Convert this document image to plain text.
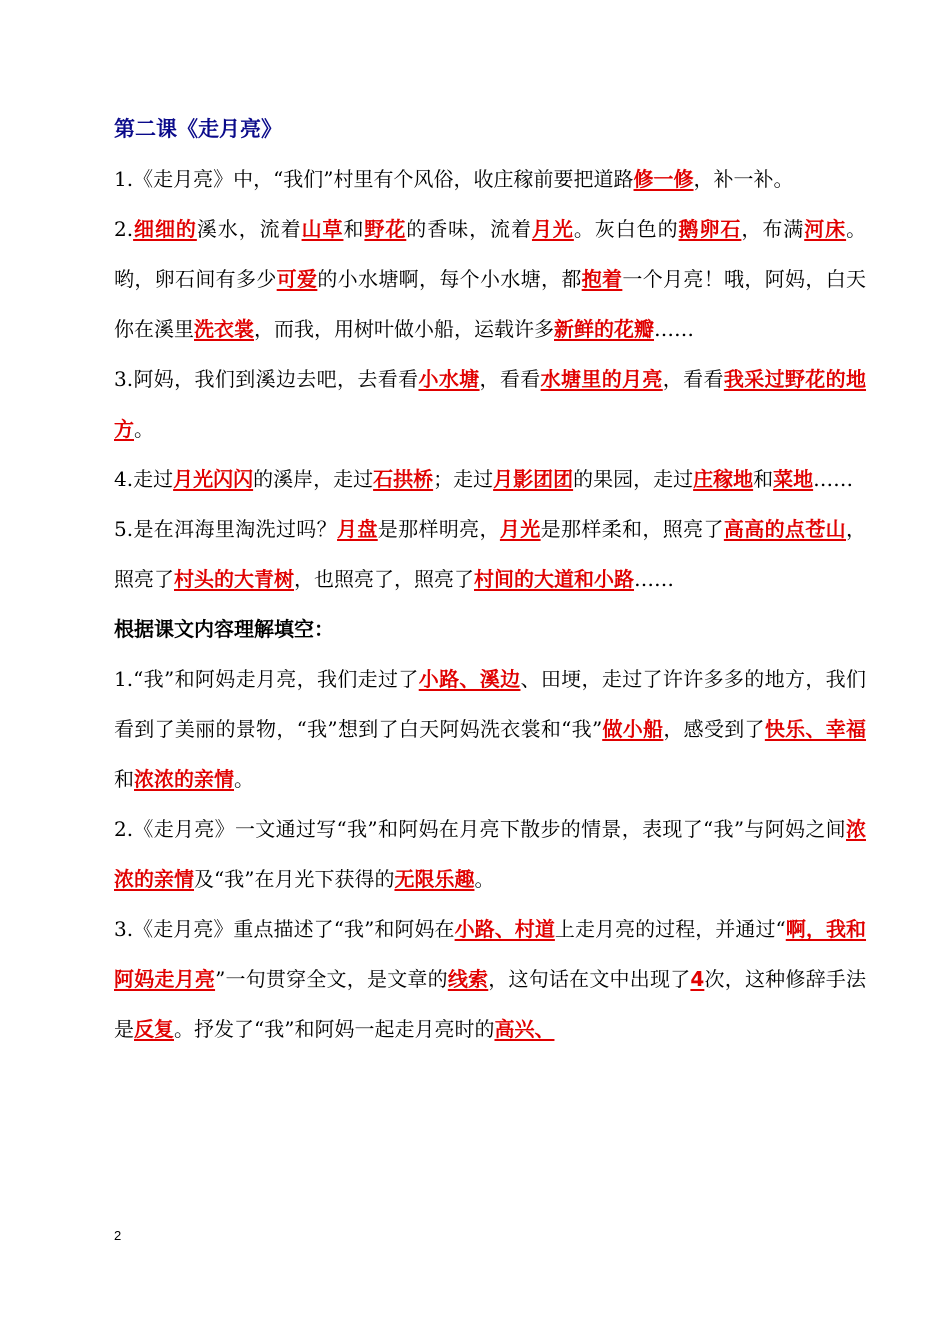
第二课《走月亮》

1.《走月亮》中，“我们”村里有个风俗，收庄稼前要把道路修一修，补一补。

2.细细的溪水，流着山草和野花的香味，流着月光。灰白色的鹅卵石，布满河床。哟，卵石间有多少可爱的小水塘啊，每个小水塘，都抱着一个月亮！哦，阿妈，白天你在溪里洗衣裳，而我，用树叶做小船，运载许多新鲜的花瓣……

3.阿妈，我们到溪边去吧，去看看小水塘，看看水塘里的月亮，看看我采过野花的地方。

4.走过月光闪闪的溪岸，走过石拱桥；走过月影团团的果园，走过庄稼地和菜地……

5.是在洱海里淘洗过吗？月盘是那样明亮，月光是那样柔和，照亮了高高的点苍山，照亮了村头的大青树，也照亮了，照亮了村间的大道和小路……

根据课文内容理解填空：

1.“我”和阿妈走月亮，我们走过了小路、溪边、田埂，走过了许许多多的地方，我们看到了美丽的景物，“我”想到了白天阿妈洗衣裳和“我”做小船，感受到了快乐、幸福和浓浓的亲情。

2.《走月亮》一文通过写“我”和阿妈在月亮下散步的情景，表现了“我”与阿妈之间浓浓的亲情及“我”在月光下获得的无限乐趣。

3.《走月亮》重点描述了“我”和阿妈在小路、村道上走月亮的过程，并通过“啊，我和阿妈走月亮”一句贯穿全文，是文章的线索，这句话在文中出现了4次，这种修辞手法是反复。抒发了“我”和阿妈一起走月亮时的高兴、

2
